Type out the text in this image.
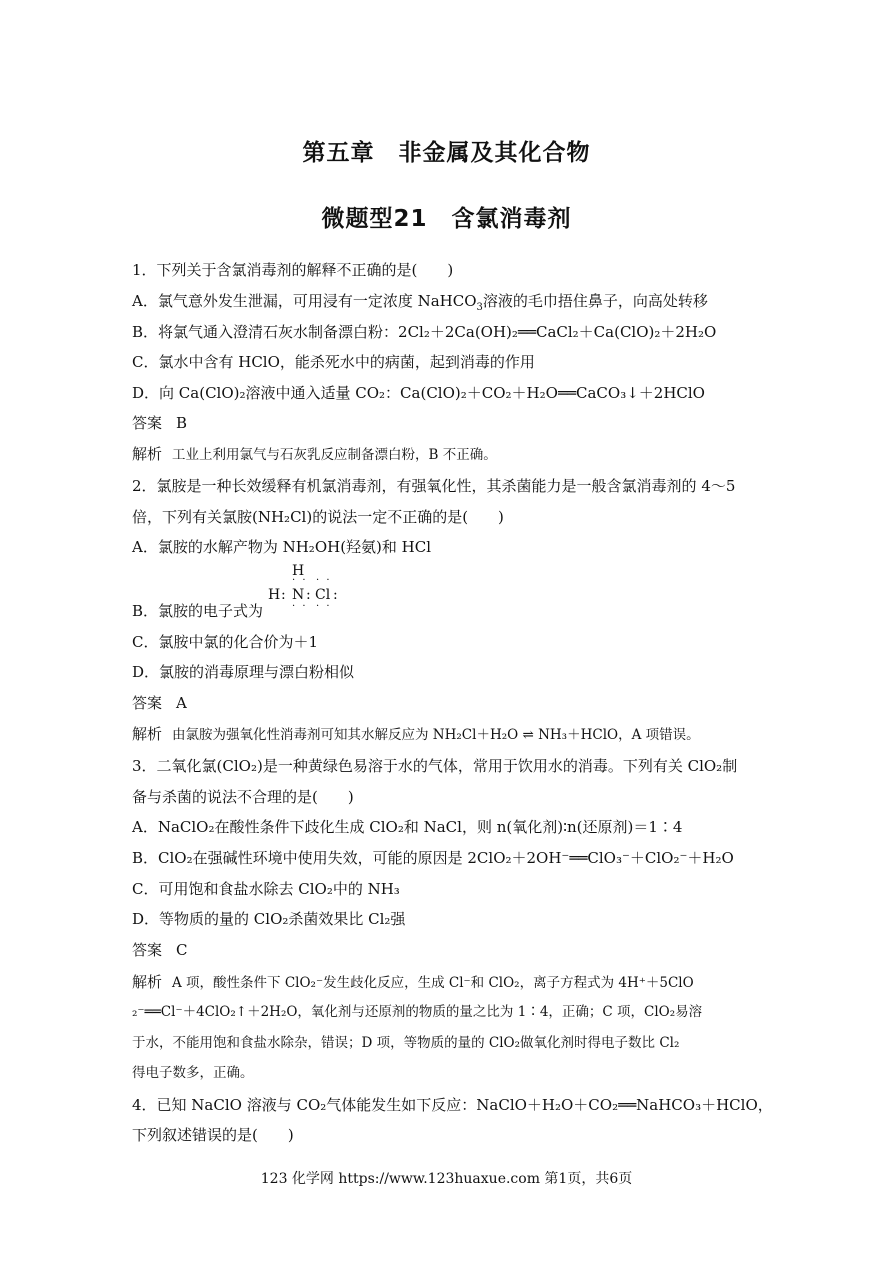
第五章　非金属及其化合物
微题型21　含氯消毒剂
1．下列关于含氯消毒剂的解释不正确的是(　　)
A．氯气意外发生泄漏，可用浸有一定浓度 NaHCO$_3$溶液的毛巾捂住鼻子，向高处转移
B．将氯气通入澄清石灰水制备漂白粉：2Cl₂＋2Ca(OH)₂══CaCl₂＋Ca(ClO)₂＋2H₂O
C．氯水中含有 HClO，能杀死水中的病菌，起到消毒的作用
D．向 Ca(ClO)₂溶液中通入适量 CO₂：Ca(ClO)₂＋CO₂＋H₂O══CaCO₃↓＋2HClO
答案 B
解析 工业上利用氯气与石灰乳反应制备漂白粉，B 不正确。
2．氯胺是一种长效缓释有机氯消毒剂，有强氧化性，其杀菌能力是一般含氯消毒剂的 4～5
倍，下列有关氯胺(NH₂Cl)的说法一定不正确的是(　　)
A．氯胺的水解产物为 NH₂OH(羟氨)和 HCl
B．氯胺的电子式为
H
· · · ·
H : N : Cl :
· · · ·
C．氯胺中氯的化合价为＋1
D．氯胺的消毒原理与漂白粉相似
答案 A
解析 由氯胺为强氧化性消毒剂可知其水解反应为 NH₂Cl＋H₂O ⇌ NH₃＋HClO，A 项错误。
3．二氧化氯(ClO₂)是一种黄绿色易溶于水的气体，常用于饮用水的消毒。下列有关 ClO₂制
备与杀菌的说法不合理的是(　　)
A．NaClO₂在酸性条件下歧化生成 ClO₂和 NaCl，则 n(氧化剂)∶n(还原剂)＝1∶4
B．ClO₂在强碱性环境中使用失效，可能的原因是 2ClO₂＋2OH⁻══ClO₃⁻＋ClO₂⁻＋H₂O
C．可用饱和食盐水除去 ClO₂中的 NH₃
D．等物质的量的 ClO₂杀菌效果比 Cl₂强
答案 C
解析 A 项，酸性条件下 ClO₂⁻发生歧化反应，生成 Cl⁻和 ClO₂，离子方程式为 4H⁺＋5ClO
₂⁻══Cl⁻＋4ClO₂↑＋2H₂O，氧化剂与还原剂的物质的量之比为 1∶4，正确；C 项，ClO₂易溶
于水，不能用饱和食盐水除杂，错误；D 项，等物质的量的 ClO₂做氧化剂时得电子数比 Cl₂
得电子数多，正确。
4．已知 NaClO 溶液与 CO₂气体能发生如下反应：NaClO＋H₂O＋CO₂══NaHCO₃＋HClO，
下列叙述错误的是(　　)
123 化学网 https://www.123huaxue.com 第1页，共6页
